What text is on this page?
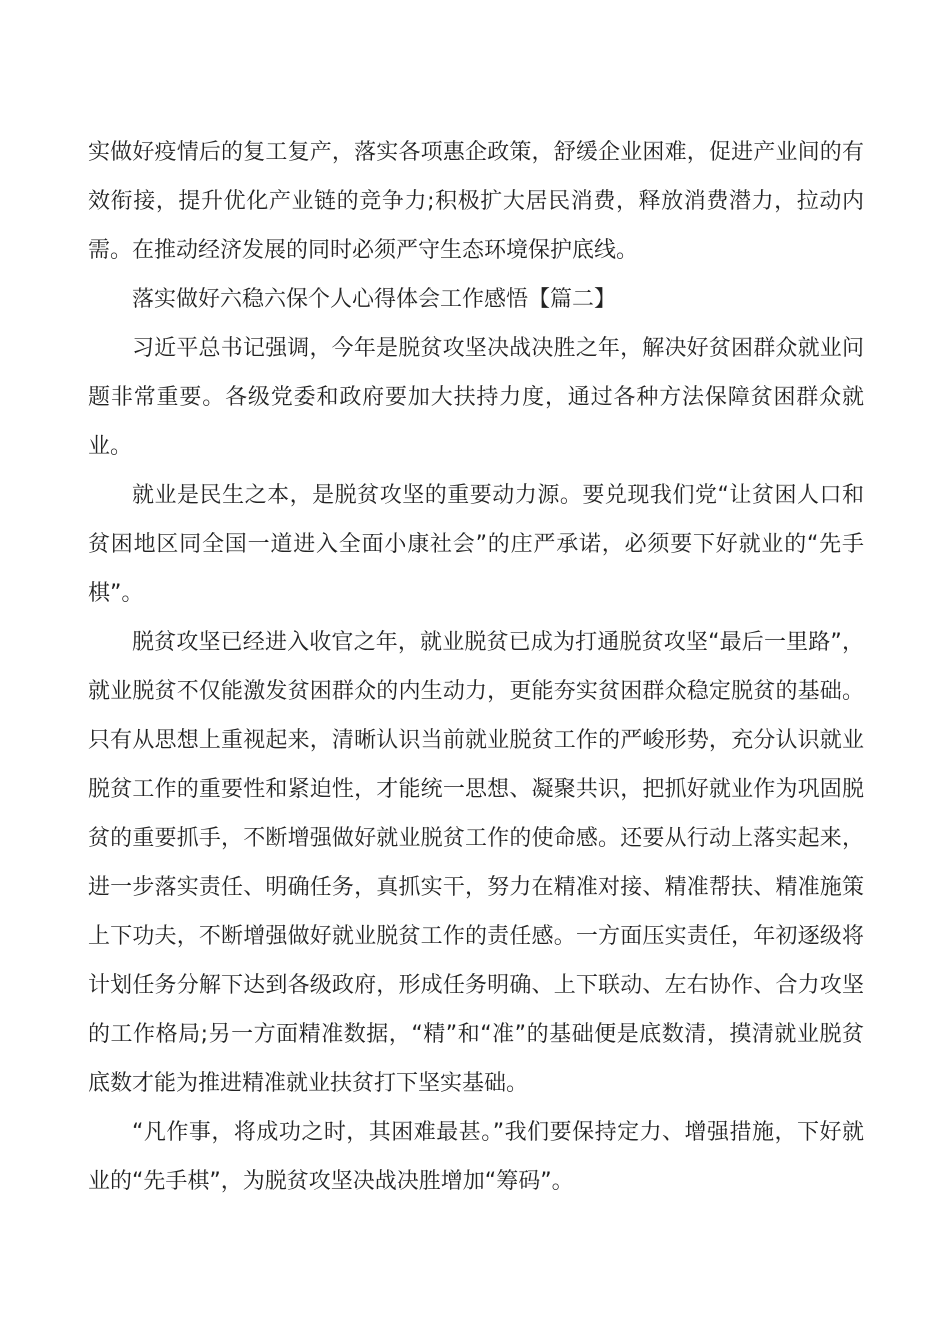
实做好疫情后的复工复产，落实各项惠企政策，舒缓企业困难，促进产业间的有效衔接，提升优化产业链的竞争力;积极扩大居民消费，释放消费潜力，拉动内需。在推动经济发展的同时必须严守生态环境保护底线。

落实做好六稳六保个人心得体会工作感悟【篇二】

习近平总书记强调，今年是脱贫攻坚决战决胜之年，解决好贫困群众就业问题非常重要。各级党委和政府要加大扶持力度，通过各种方法保障贫困群众就业。

就业是民生之本，是脱贫攻坚的重要动力源。要兑现我们党“让贫困人口和贫困地区同全国一道进入全面小康社会”的庄严承诺，必须要下好就业的“先手棋”。

脱贫攻坚已经进入收官之年，就业脱贫已成为打通脱贫攻坚“最后一里路”，就业脱贫不仅能激发贫困群众的内生动力，更能夯实贫困群众稳定脱贫的基础。只有从思想上重视起来，清晰认识当前就业脱贫工作的严峻形势，充分认识就业脱贫工作的重要性和紧迫性，才能统一思想、凝聚共识，把抓好就业作为巩固脱贫的重要抓手，不断增强做好就业脱贫工作的使命感。还要从行动上落实起来，进一步落实责任、明确任务，真抓实干，努力在精准对接、精准帮扶、精准施策上下功夫，不断增强做好就业脱贫工作的责任感。一方面压实责任，年初逐级将计划任务分解下达到各级政府，形成任务明确、上下联动、左右协作、合力攻坚的工作格局;另一方面精准数据，“精”和“准”的基础便是底数清，摸清就业脱贫底数才能为推进精准就业扶贫打下坚实基础。

“凡作事，将成功之时，其困难最甚。”我们要保持定力、增强措施，下好就业的“先手棋”，为脱贫攻坚决战决胜增加“筹码”。
